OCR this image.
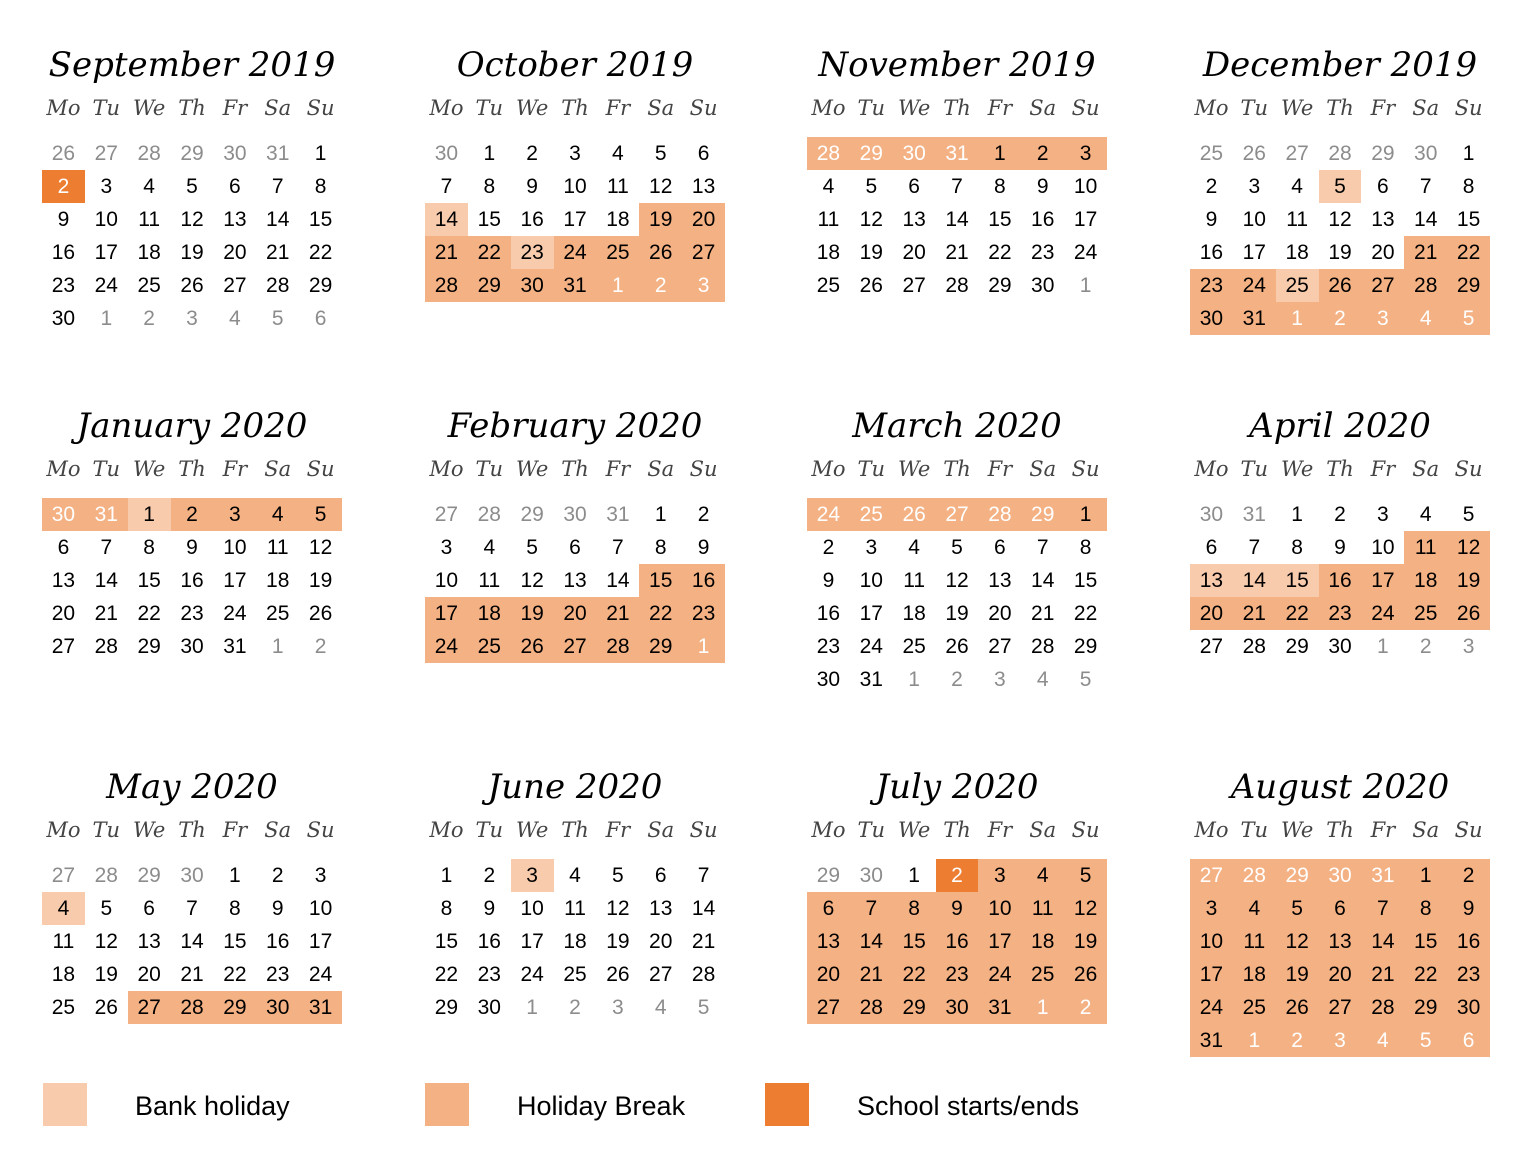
September 2019
Mo Tu We Th Fr Sa Su
26 27 28 29 30 31	1
2	3	4	5	6	7	8
9	10 11 12 13 14 15
16 17 18 19 20 21 22
23 24 25 26 27 28 29
30	1	2	3	4	5	6
October 2019
Mo Tu We Th Fr Sa Su
30	1	2	3	4	5	6
7	8	9	10 11 12 13
14 15 16 17 18 19 20
21 22 23 24 25 26 27
28 29 30 31	1	2	3
November 2019
Mo Tu We Th Fr Sa Su
28 29 30 31	1	2	3
4	5	6	7	8	9	10
11 12 13 14 15 16 17
18 19 20 21 22 23 24
25 26 27 28 29 30	1
December 2019
Mo Tu We Th Fr Sa Su
25 26 27 28 29 30	1
2	3	4	5	6	7	8
9	10 11 12 13 14 15
16 17 18 19 20 21 22
23 24 25 26 27 28 29
30 31	1	2	3	4	5
January 2020
Mo Tu We Th Fr Sa Su
30 31	1	2	3	4	5
6	7	8	9	10 11 12
13 14 15 16 17 18 19
20 21 22 23 24 25 26
27 28 29 30 31	1	2
February 2020
Mo Tu We Th Fr Sa Su
27 28 29 30 31	1	2
3	4	5	6	7	8	9
10 11 12 13 14 15 16
17 18 19 20 21 22 23
24 25 26 27 28 29	1
March 2020
Mo Tu We Th Fr Sa Su
24 25 26 27 28 29	1
2	3	4	5	6	7	8
9	10 11 12 13 14 15
16 17 18 19 20 21 22
23 24 25 26 27 28 29
30 31	1	2	3	4	5
April 2020
Mo Tu We Th Fr Sa Su
30 31	1	2	3	4	5
6	7	8	9	10 11 12
13 14 15 16 17 18 19
20 21 22 23 24 25 26
27 28 29 30	1	2	3
May 2020
Mo Tu We Th Fr Sa Su
27 28 29 30	1	2	3
4	5	6	7	8	9	10
11 12 13 14 15 16 17
18 19 20 21 22 23 24
25 26 27 28 29 30 31
June 2020
Mo Tu We Th Fr Sa Su
1	2	3	4	5	6	7
8	9	10 11 12 13 14
15 16 17 18 19 20 21
22 23 24 25 26 27 28
29 30	1	2	3	4	5
July 2020
Mo Tu We Th Fr Sa Su
29 30	1	2	3	4	5
6	7	8	9	10 11 12
13 14 15 16 17 18 19
20 21 22 23 24 25 26
27 28 29 30 31	1	2
August 2020
Mo Tu We Th Fr Sa Su
27 28 29 30 31	1	2
3	4	5	6	7	8	9
10 11 12 13 14 15 16
17 18 19 20 21 22 23
24 25 26 27 28 29 30
31	1	2	3	4	5	6
Bank holiday	Holiday Break	School starts/ends
